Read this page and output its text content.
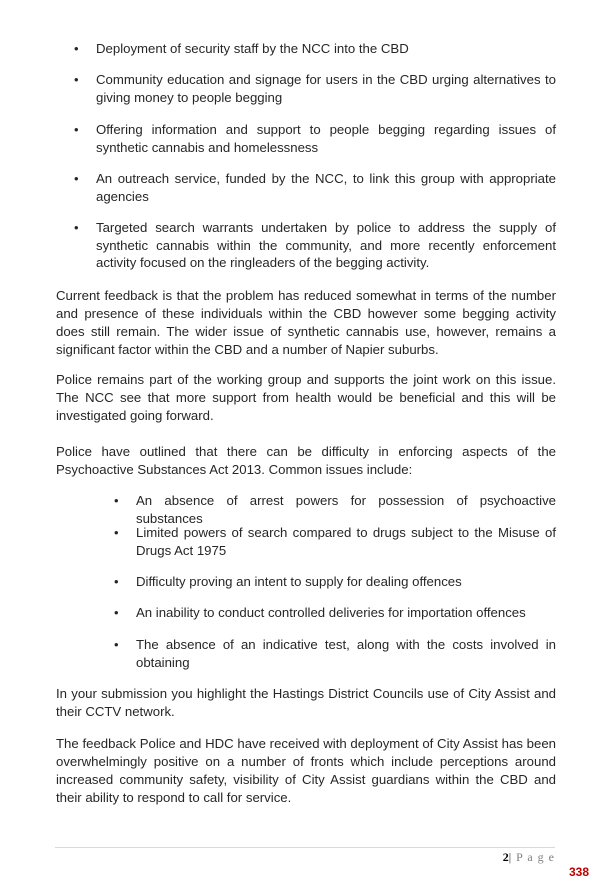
• Deployment of security staff by the NCC into the CBD
• Community education and signage for users in the CBD urging alternatives to giving money to people begging
• Offering information and support to people begging regarding issues of synthetic cannabis and homelessness
• An outreach service, funded by the NCC, to link this group with appropriate agencies
• Targeted search warrants undertaken by police to address the supply of synthetic cannabis within the community, and more recently enforcement activity focused on the ringleaders of the begging activity.

Current feedback is that the problem has reduced somewhat in terms of the number and presence of these individuals within the CBD however some begging activity does still remain. The wider issue of synthetic cannabis use, however, remains a significant factor within the CBD and a number of Napier suburbs.

Police remains part of the working group and supports the joint work on this issue. The NCC see that more support from health would be beneficial and this will be investigated going forward.

Police have outlined that there can be difficulty in enforcing aspects of the Psychoactive Substances Act 2013. Common issues include:

• An absence of arrest powers for possession of psychoactive substances
• Limited powers of search compared to drugs subject to the Misuse of Drugs Act 1975
• Difficulty proving an intent to supply for dealing offences
• An inability to conduct controlled deliveries for importation offences
• The absence of an indicative test, along with the costs involved in obtaining

In your submission you highlight the Hastings District Councils use of City Assist and their CCTV network.

The feedback Police and HDC have received with deployment of City Assist has been overwhelmingly positive on a number of fronts which include perceptions around increased community safety, visibility of City Assist guardians within the CBD and their ability to respond to call for service.

2| P a g e
338
